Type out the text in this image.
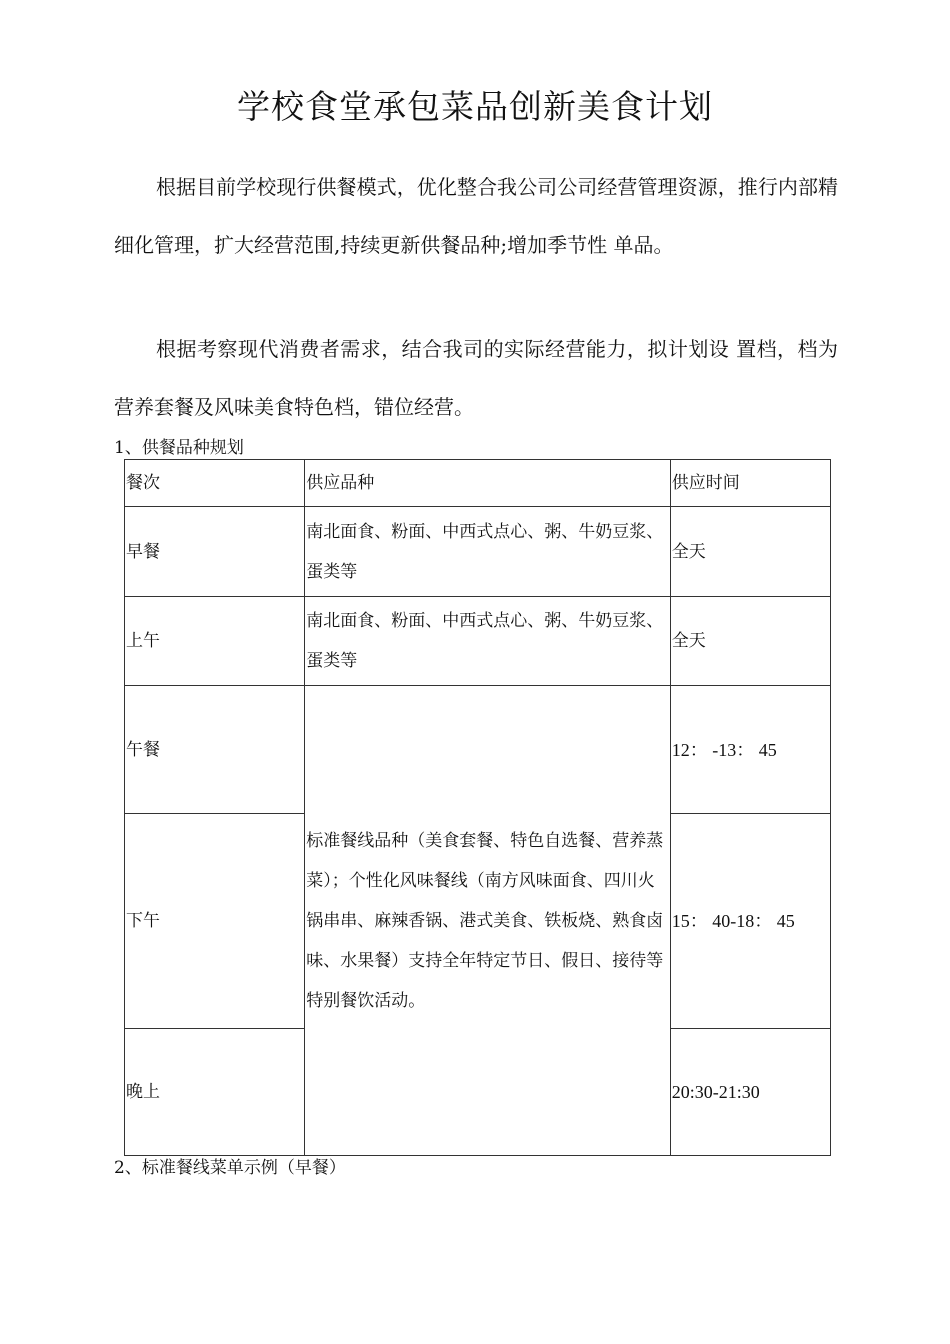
学校食堂承包菜品创新美食计划

根据目前学校现行供餐模式，优化整合我公司公司经营管理资源，推行内部精细化管理，扩大经营范围,持续更新供餐品种;增加季节性 单品。

根据考察现代消费者需求，结合我司的实际经营能力，拟计划设 置档，档为营养套餐及风味美食特色档，错位经营。

1、供餐品种规划
餐次	供应品种	供应时间
早餐	南北面食、粉面、中西式点心、粥、牛奶豆浆、蛋类等	全天
上午	南北面食、粉面、中西式点心、粥、牛奶豆浆、蛋类等	全天
午餐	标准餐线品种（美食套餐、特色自选餐、营养蒸菜）；个性化风味餐线（南方风味面食、四川火锅串串、麻辣香锅、港式美食、铁板烧、熟食卤味、水果餐）支持全年特定节日、假日、接待等特别餐饮活动。	12： -13： 45
下午		15： 40-18： 45
晚上		20:30-21:30
2、标准餐线菜单示例（早餐）
